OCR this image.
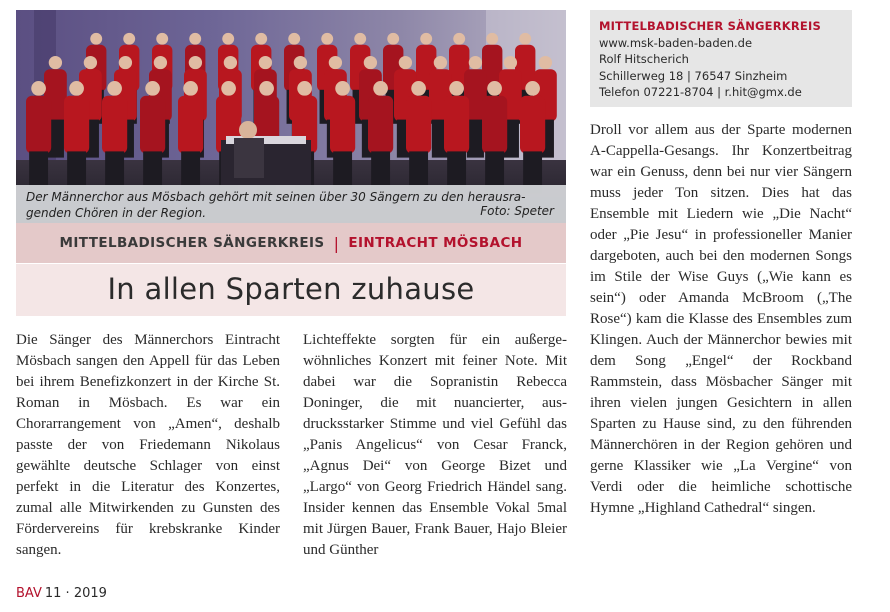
Der Männerchor aus Mösbach gehört mit seinen über 30 Sängern zu den herausra-genden Chören in der Region.	Foto: Speter
MITTELBADISCHER SÄNGERKREIS | EINTRACHT MÖSBACH
In allen Sparten zuhause
Die Sänger des Männerchors Eintracht Mösbach sangen den Appell für das Leben bei ihrem Benefizkonzert in der Kirche St. Roman in Mösbach. Es war ein Chorarrangement von „Amen“, deshalb passte der von Friedemann Nikolaus gewählte deutsche Schlager von einst perfekt in die Literatur des Konzertes, zumal alle Mitwirkenden zu Gunsten des Fördervereins für krebskranke Kinder sangen.
Lichteffekte sorgten für ein außergewöhnliches Konzert mit feiner Note. Mit dabei war die Sopranistin Rebecca Doninger, die mit nuancierter, ausdrucksstarker Stimme und viel Gefühl das „Panis Angelicus“ von Cesar Franck, „Agnus Dei“ von George Bizet und „Largo“ von Georg Friedrich Händel sang. Insider kennen das Ensemble Vokal 5mal mit Jürgen Bauer, Frank Bauer, Hajo Bleier und Günther
MITTELBADISCHER SÄNGERKREIS
www.msk-baden-baden.de
Rolf Hitscherich
Schillerweg 18 | 76547 Sinzheim
Telefon 07221-8704 | r.hit@gmx.de
Droll vor allem aus der Sparte modernen A-Cappella-Gesangs. Ihr Konzertbeitrag war ein Genuss, denn bei nur vier Sängern muss jeder Ton sitzen. Dies hat das Ensemble mit Liedern wie „Die Nacht“ oder „Pie Jesu“ in professioneller Manier dargeboten, auch bei den modernen Songs im Stile der Wise Guys („Wie kann es sein“) oder Amanda McBroom („The Rose“) kam die Klasse des Ensembles zum Klingen. Auch der Männerchor bewies mit dem Song „Engel“ der Rockband Rammstein, dass Mösbacher Sänger mit ihren vielen jungen Gesichtern in allen Sparten zu Hause sind, zu den führenden Männerchören in der Region gehören und gerne Klassiker wie „La Vergine“ von Verdi oder die heimliche schottische Hymne „Highland Cathedral“ singen.
BAV 11 · 2019
